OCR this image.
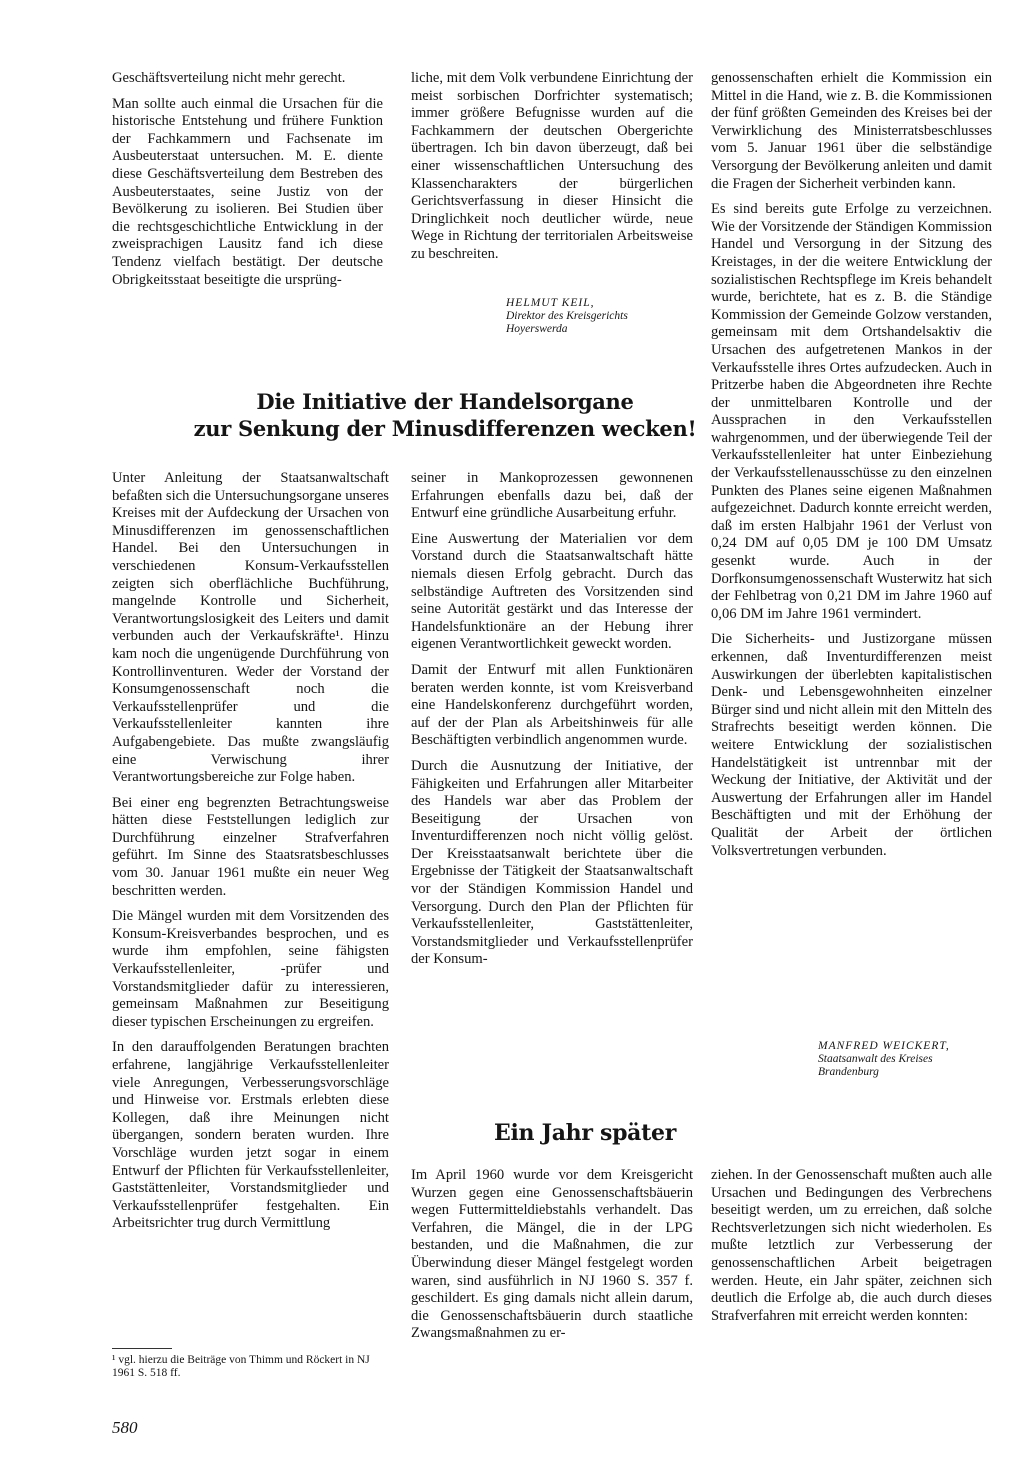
Geschäftsverteilung nicht mehr gerecht.

Man sollte auch einmal die Ursachen für die historische Entstehung und frühere Funktion der Fachkammern und Fachsenate im Ausbeuterstaat untersuchen. M. E. diente diese Geschäftsverteilung dem Bestreben des Ausbeuterstaates, seine Justiz von der Bevölkerung zu isolieren. Bei Studien über die rechtsgeschichtliche Entwicklung in der zweisprachigen Lausitz fand ich diese Tendenz vielfach bestätigt. Der deutsche Obrigkeitsstaat beseitigte die ursprüng-

liche, mit dem Volk verbundene Einrichtung der meist sorbischen Dorfrichter systematisch; immer größere Befugnisse wurden auf die Fachkammern der deutschen Obergerichte übertragen. Ich bin davon überzeugt, daß bei einer wissenschaftlichen Untersuchung des Klassencharakters der bürgerlichen Gerichtsverfassung in dieser Hinsicht die Dringlichkeit noch deutlicher würde, neue Wege in Richtung der territorialen Arbeitsweise zu beschreiten.

HELMUT KEIL,
Direktor des Kreisgerichts
Hoyerswerda

genossenschaften erhielt die Kommission ein Mittel in die Hand, wie z. B. die Kommissionen der fünf größten Gemeinden des Kreises bei der Verwirklichung des Ministerratsbeschlusses vom 5. Januar 1961 über die selbständige Versorgung der Bevölkerung anleiten und damit die Fragen der Sicherheit verbinden kann.

Es sind bereits gute Erfolge zu verzeichnen. Wie der Vorsitzende der Ständigen Kommission Handel und Versorgung in der Sitzung des Kreistages, in der die weitere Entwicklung der sozialistischen Rechtspflege im Kreis behandelt wurde, berichtete, hat es z. B. die Ständige Kommission der Gemeinde Golzow verstanden, gemeinsam mit dem Ortshandelsaktiv die Ursachen des aufgetretenen Mankos in der Verkaufsstelle ihres Ortes aufzudecken. Auch in Pritzerbe haben die Abgeordneten ihre Rechte der unmittelbaren Kontrolle und der Aussprachen in den Verkaufsstellen wahrgenommen, und der überwiegende Teil der Verkaufsstellenleiter hat unter Einbeziehung der Verkaufsstellenausschüsse zu den einzelnen Punkten des Planes seine eigenen Maßnahmen aufgezeichnet. Dadurch konnte erreicht werden, daß im ersten Halbjahr 1961 der Verlust von 0,24 DM auf 0,05 DM je 100 DM Umsatz gesenkt wurde. Auch in der Dorfkonsumgenossenschaft Wusterwitz hat sich der Fehlbetrag von 0,21 DM im Jahre 1960 auf 0,06 DM im Jahre 1961 vermindert.

Die Sicherheits- und Justizorgane müssen erkennen, daß Inventurdifferenzen meist Auswirkungen der überlebten kapitalistischen Denk- und Lebensgewohnheiten einzelner Bürger sind und nicht allein mit den Mitteln des Strafrechts beseitigt werden können. Die weitere Entwicklung der sozialistischen Handelstätigkeit ist untrennbar mit der Weckung der Initiative, der Aktivität und der Auswertung der Erfahrungen aller im Handel Beschäftigten und mit der Erhöhung der Qualität der Arbeit der örtlichen Volksvertretungen verbunden.

MANFRED WEICKERT,
Staatsanwalt des Kreises
Brandenburg
Die Initiative der Handelsorgane
zur Senkung der Minusdifferenzen wecken!

Unter Anleitung der Staatsanwaltschaft befaßten sich die Untersuchungsorgane unseres Kreises mit der Aufdeckung der Ursachen von Minusdifferenzen im genossenschaftlichen Handel. Bei den Untersuchungen in verschiedenen Konsum-Verkaufsstellen zeigten sich oberflächliche Buchführung, mangelnde Kontrolle und Sicherheit, Verantwortungslosigkeit des Leiters und damit verbunden auch der Verkaufskräfte¹. Hinzu kam noch die ungenügende Durchführung von Kontrollinventuren. Weder der Vorstand der Konsumgenossenschaft noch die Verkaufsstellenprüfer und die Verkaufsstellenleiter kannten ihre Aufgabengebiete. Das mußte zwangsläufig eine Verwischung ihrer Verantwortungsbereiche zur Folge haben.

Bei einer eng begrenzten Betrachtungsweise hätten diese Feststellungen lediglich zur Durchführung einzelner Strafverfahren geführt. Im Sinne des Staatsratsbeschlusses vom 30. Januar 1961 mußte ein neuer Weg beschritten werden.

Die Mängel wurden mit dem Vorsitzenden des Konsum-Kreisverbandes besprochen, und es wurde ihm empfohlen, seine fähigsten Verkaufsstellenleiter, -prüfer und Vorstandsmitglieder dafür zu interessieren, gemeinsam Maßnahmen zur Beseitigung dieser typischen Erscheinungen zu ergreifen.

In den darauffolgenden Beratungen brachten erfahrene, langjährige Verkaufsstellenleiter viele Anregungen, Verbesserungsvorschläge und Hinweise vor. Erstmals erlebten diese Kollegen, daß ihre Meinungen nicht übergangen, sondern beraten wurden. Ihre Vorschläge wurden jetzt sogar in einem Entwurf der Pflichten für Verkaufsstellenleiter, Gaststättenleiter, Vorstandsmitglieder und Verkaufsstellenprüfer festgehalten. Ein Arbeitsrichter trug durch Vermittlung

seiner in Mankoprozessen gewonnenen Erfahrungen ebenfalls dazu bei, daß der Entwurf eine gründliche Ausarbeitung erfuhr.

Eine Auswertung der Materialien vor dem Vorstand durch die Staatsanwaltschaft hätte niemals diesen Erfolg gebracht. Durch das selbständige Auftreten des Vorsitzenden sind seine Autorität gestärkt und das Interesse der Handelsfunktionäre an der Hebung ihrer eigenen Verantwortlichkeit geweckt worden.

Damit der Entwurf mit allen Funktionären beraten werden konnte, ist vom Kreisverband eine Handelskonferenz durchgeführt worden, auf der der Plan als Arbeitshinweis für alle Beschäftigten verbindlich angenommen wurde.

Durch die Ausnutzung der Initiative, der Fähigkeiten und Erfahrungen aller Mitarbeiter des Handels war aber das Problem der Beseitigung der Ursachen von Inventurdifferenzen noch nicht völlig gelöst. Der Kreisstaatsanwalt berichtete über die Ergebnisse der Tätigkeit der Staatsanwaltschaft vor der Ständigen Kommission Handel und Versorgung. Durch den Plan der Pflichten für Verkaufsstellenleiter, Gaststättenleiter, Vorstandsmitglieder und Verkaufsstellenprüfer der Konsum-

¹ vgl. hierzu die Beiträge von Thimm und Röckert in NJ 1961 S. 518 ff.
Ein Jahr später

Im April 1960 wurde vor dem Kreisgericht Wurzen gegen eine Genossenschaftsbäuerin wegen Futtermitteldiebstahls verhandelt. Das Verfahren, die Mängel, die in der LPG bestanden, und die Maßnahmen, die zur Überwindung dieser Mängel festgelegt worden waren, sind ausführlich in NJ 1960 S. 357 f. geschildert. Es ging damals nicht allein darum, die Genossenschaftsbäuerin durch staatliche Zwangsmaßnahmen zu er-

ziehen. In der Genossenschaft mußten auch alle Ursachen und Bedingungen des Verbrechens beseitigt werden, um zu erreichen, daß solche Rechtsverletzungen sich nicht wiederholen. Es mußte letztlich zur Verbesserung der genossenschaftlichen Arbeit beigetragen werden. Heute, ein Jahr später, zeichnen sich deutlich die Erfolge ab, die auch durch dieses Strafverfahren mit erreicht werden konnten:

580
